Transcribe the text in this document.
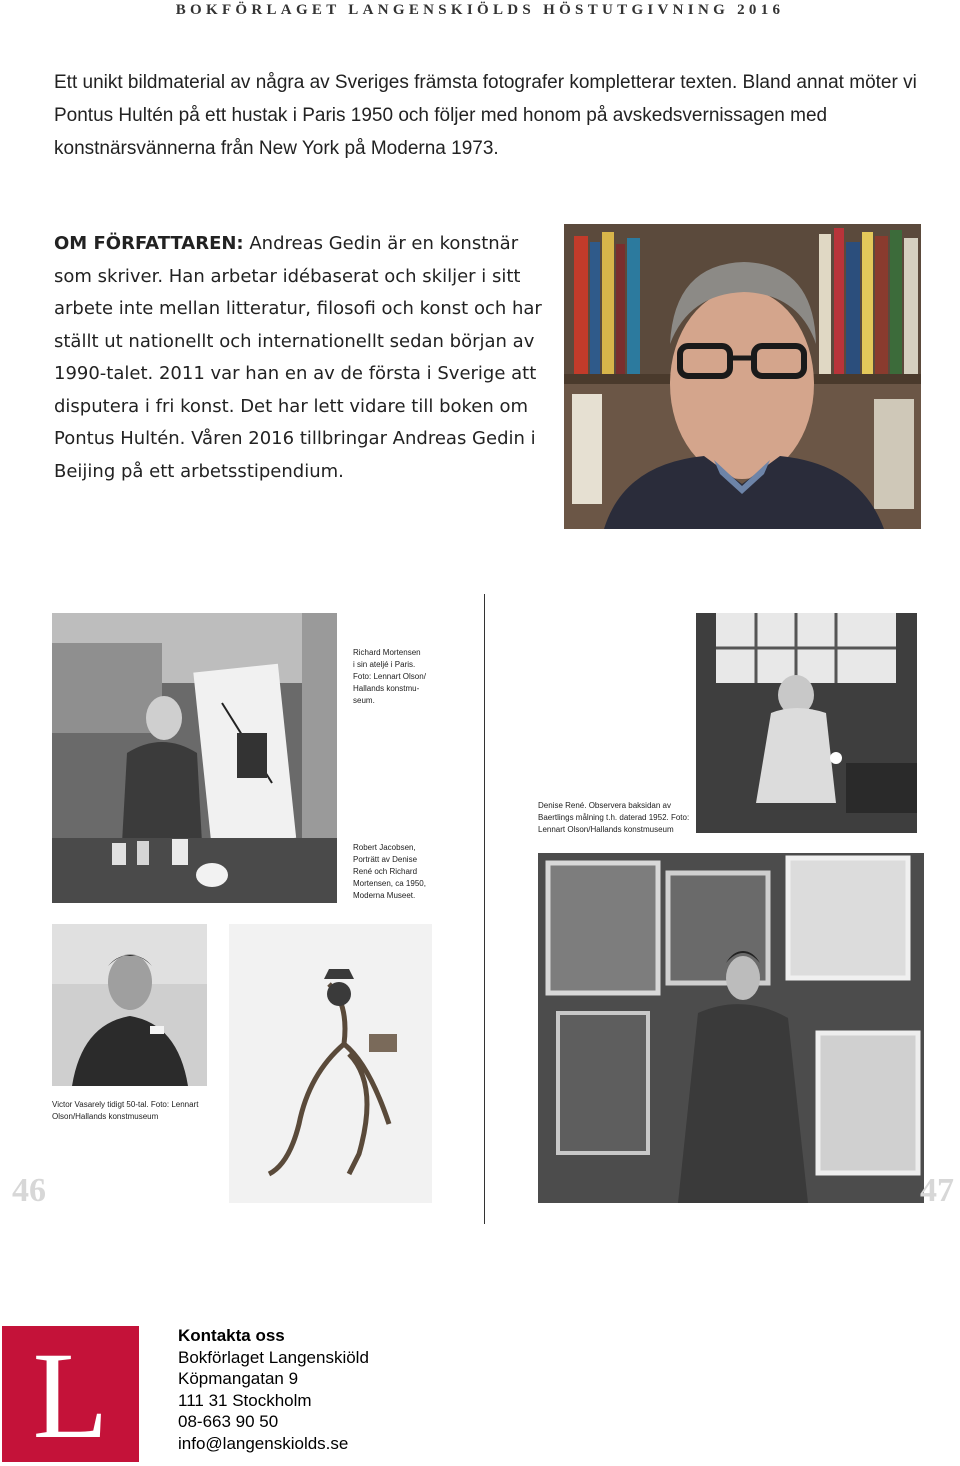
BOKFÖRLAGET LANGENSKIÖLDS HÖSTUTGIVNING 2016
Ett unikt bildmaterial av några av Sveriges främsta fotografer kompletterar texten. Bland annat möter vi Pontus Hultén på ett hustak i Paris 1950 och följer med honom på avskedsvernissagen med konstnärsvännerna från New York på Moderna 1973.
OM FÖRFATTAREN: Andreas Gedin är en konstnär som skriver. Han arbetar idébaserat och skiljer i sitt arbete inte mellan litteratur, filosofi och konst och har ställt ut nationellt och internationellt sedan början av 1990-talet. 2011 var han en av de första i Sverige att disputera i fri konst. Det har lett vidare till boken om Pontus Hultén. Våren 2016 tillbringar Andreas Gedin i Beijing på ett arbetsstipendium.
Richard Mortensen
i sin ateljé i Paris.
Foto: Lennart Olson/
Hallands konstmu-
seum.
Robert Jacobsen,
Porträtt av Denise
René och Richard
Mortensen, ca 1950,
Moderna Museet.
Denise René. Observera baksidan av
Baertlings målning t.h. daterad 1952. Foto:
Lennart Olson/Hallands konstmuseum
Victor Vasarely tidigt 50-tal. Foto: Lennart
Olson/Hallands konstmuseum
46	47
L	Kontakta oss
Bokförlaget Langenskiöld
Köpmangatan 9
111 31 Stockholm
08-663 90 50
info@langenskiolds.se
